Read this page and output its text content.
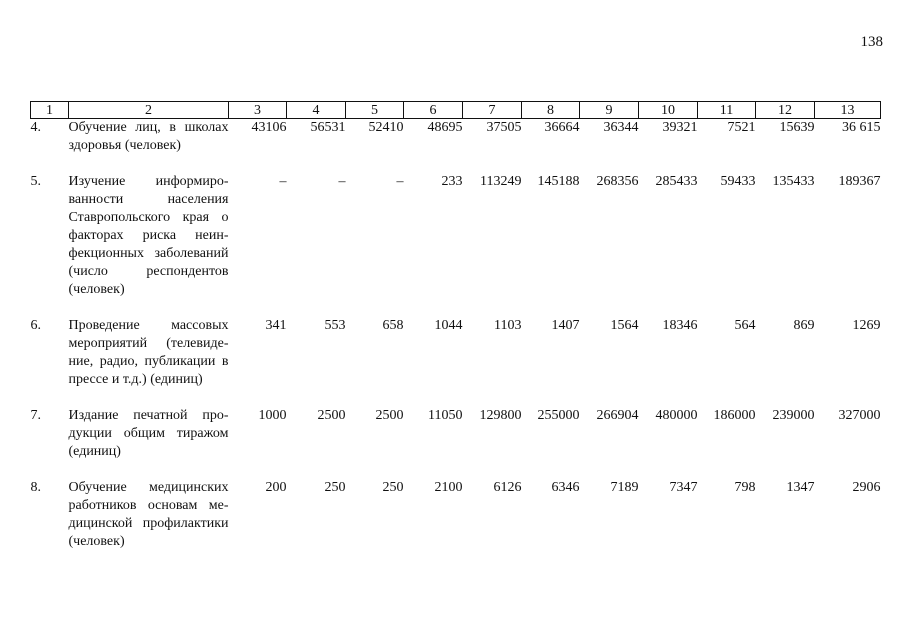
138
1	2	3	4	5	6	7	8	9	10	11	12	13
4.	Обучение лиц, в школах здоровья (человек)	43106	56531	52410	48695	37505	36664	36344	39321	7521	15639	36 615
5.	Изучение информированности населения Ставропольского края о факторах риска неинфекционных заболеваний (число респондентов (человек)	–	–	–	233	113249	145188	268356	285433	59433	135433	189367
6.	Проведение массовых мероприятий (телевидение, радио, публикации в прессе и т.д.) (единиц)	341	553	658	1044	1103	1407	1564	18346	564	869	1269
7.	Издание печатной продукции общим тиражом (единиц)	1000	2500	2500	11050	129800	255000	266904	480000	186000	239000	327000
8.	Обучение медицинских работников основам медицинской профилактики (человек)	200	250	250	2100	6126	6346	7189	7347	798	1347	2906
